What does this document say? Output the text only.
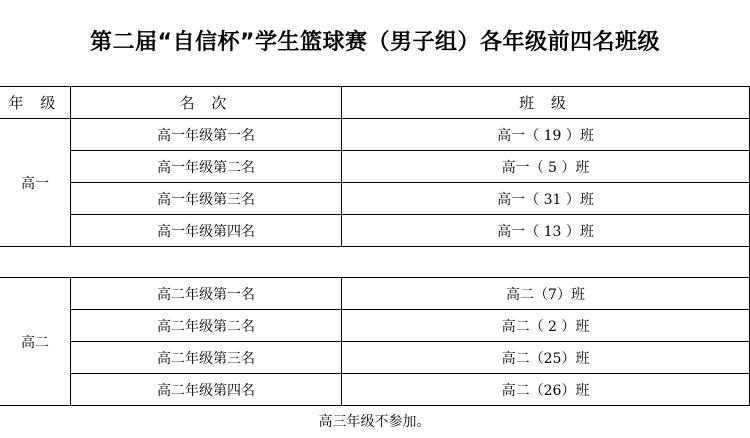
第二届“自信杯”学生篮球赛（男子组）各年级前四名班级
年 级	名 次	班 级
高一	高一年级第一名	高一（ 19 ）班
	高一年级第二名	高一（ 5 ）班
	高一年级第三名	高一（ 31 ）班
	高一年级第四名	高一（ 13 ）班

高二	高二年级第一名	高二（7）班
	高二年级第二名	高二（ 2 ）班
	高二年级第三名	高二（25）班
	高二年级第四名	高二（26）班
高三年级不参加。		
